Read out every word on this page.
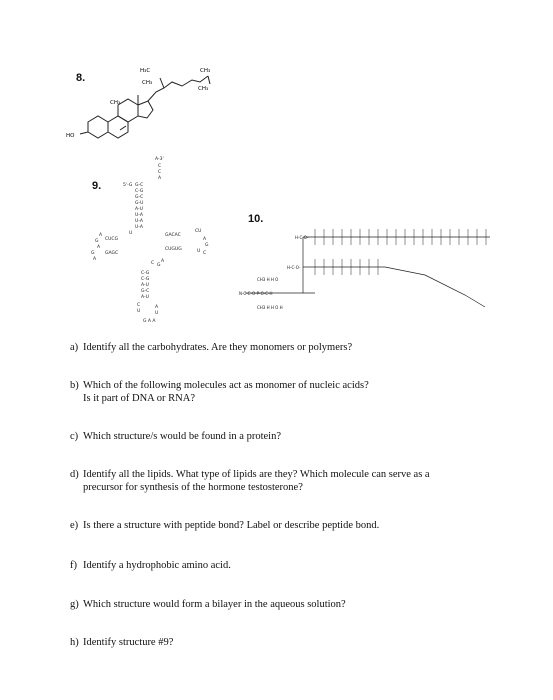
8.
9.
10.
HO
CH₃
H₃C
CH₃
CH₃
CH₃
A-3'
C
C
A
5'-G G-C
C-G
G-C
G-U
A-U
U-A
U-A
U-A
CUCG
A
G
A
GAGC
G
A
GACAC
CU
A
G
CUGUG	U C
C G
A
C-G
C-G
A-U
G-C
A-U
C
U
A
U
G A A
U
H-C-O-
H-C-O-
N-C-C-O-P-O-C-H
CH3 H H O
CH3 H H O H
a) Identify all the carbohydrates. Are they monomers or polymers?
b) Which of the following molecules act as monomer of nucleic acids?
Is it part of DNA or RNA?
c) Which structure/s would be found in a protein?
d) Identify all the lipids. What type of lipids are they? Which molecule can serve as a
precursor for synthesis of the hormone testosterone?
e) Is there a structure with peptide bond? Label or describe peptide bond.
f) Identify a hydrophobic amino acid.
g) Which structure would form a bilayer in the aqueous solution?
h) Identify structure #9?
